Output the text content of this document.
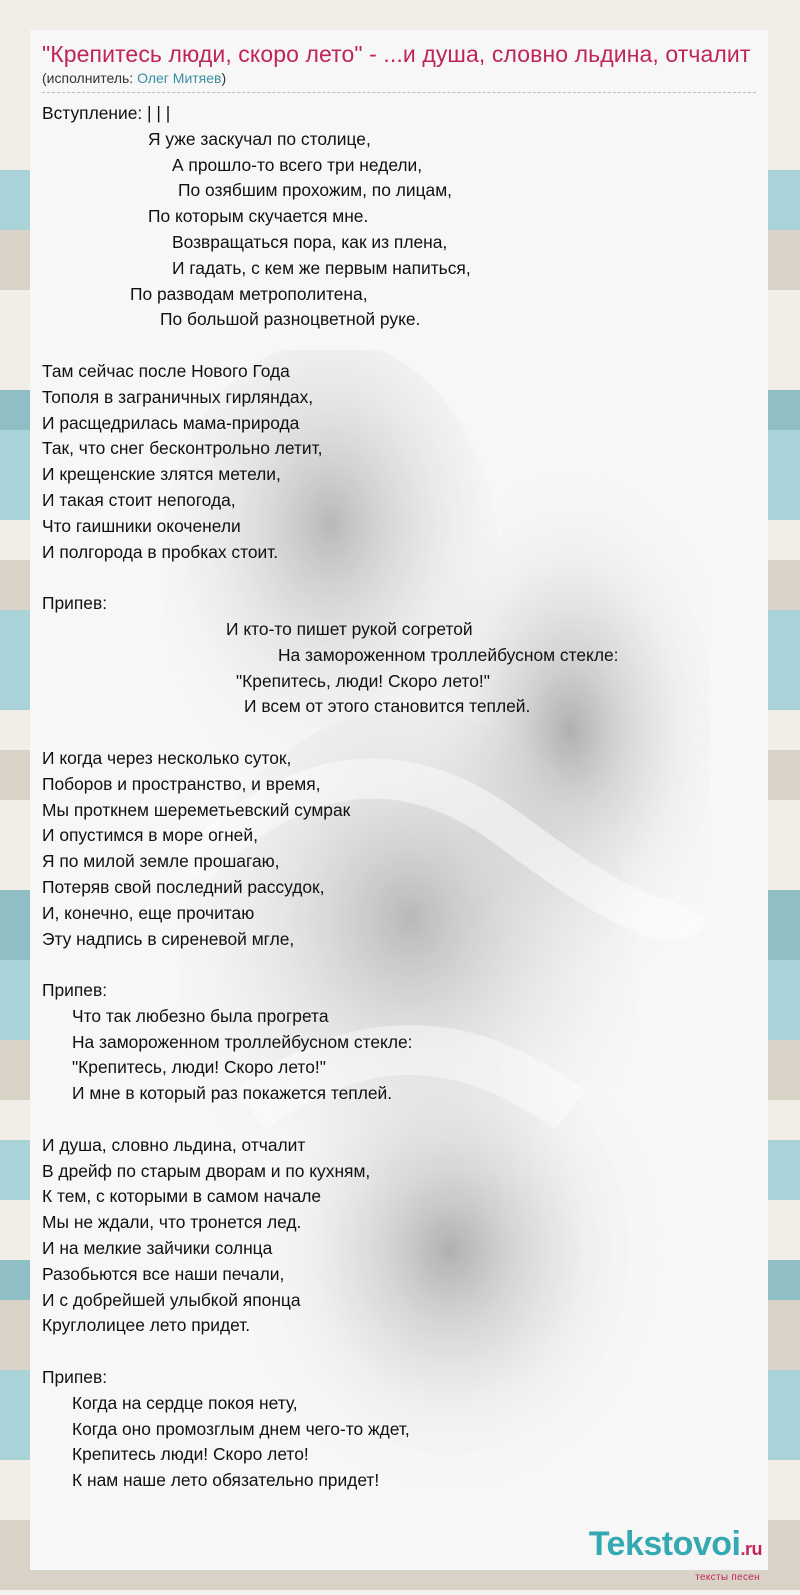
"Крепитесь люди, скоро лето" - ...и душа, словно льдина, отчалит
(исполнитель: Олег Митяев)
Вступление: | | |
Я уже заскучал по столице,
А прошло-то всего три недели,
По озябшим прохожим, по лицам,
По которым скучается мне.
Возвращаться пора, как из плена,
И гадать, с кем же первым напиться,
По разводам метрополитена,
По большой разноцветной руке.
Там сейчас после Нового Года
Тополя в заграничных гирляндах,
И расщедрилась мама-природа
Так, что снег бесконтрольно летит,
И крещенские злятся метели,
И такая стоит непогода,
Что гаишники окоченели
И полгорода в пробках стоит.
Припев:
И кто-то пишет рукой согретой
На замороженном троллейбусном стекле:
"Крепитесь, люди! Скоро лето!"
И всем от этого становится теплей.
И когда через несколько суток,
Поборов и пространство, и время,
Мы проткнем шереметьевский сумрак
И опустимся в море огней,
Я по милой земле прошагаю,
Потеряв свой последний рассудок,
И, конечно, еще прочитаю
Эту надпись в сиреневой мгле,
Припев:
Что так любезно была прогрета
На замороженном троллейбусном стекле:
"Крепитесь, люди! Скоро лето!"
И мне в который раз покажется теплей.
И душа, словно льдина, отчалит
В дрейф по старым дворам и по кухням,
К тем, с которыми в самом начале
Мы не ждали, что тронется лед.
И на мелкие зайчики солнца
Разобьются все наши печали,
И с добрейшей улыбкой японца
Круглолицее лето придет.
Припев:
Когда на сердце покоя нету,
Когда оно промозглым днем чего-то ждет,
Крепитесь люди! Скоро лето!
К нам наше лето обязательно придет!
Tekstovoi.ru
тексты песен
